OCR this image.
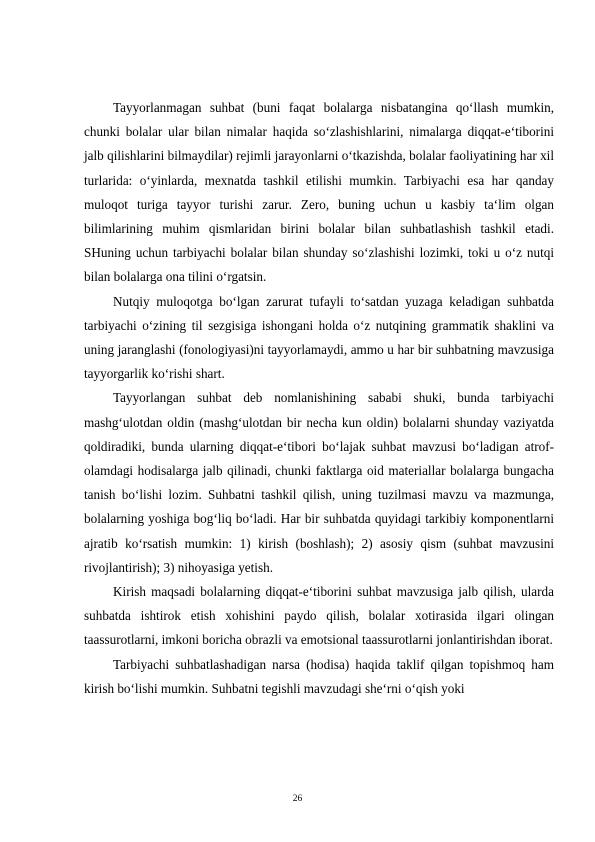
Tayyorlanmagan suhbat (buni faqat bolalarga nisbatangina qo‘llash mumkin, chunki bolalar ular bilan nimalar haqida so‘zlashishlarini, nimalarga diqqat-e‘tiborini jalb qilishlarini bilmaydilar) rejimli jarayonlarni o‘tkazishda, bolalar faoliyatining har xil turlarida: o‘yinlarda, mexnatda tashkil etilishi mumkin. Tarbiyachi esa har qanday muloqot turiga tayyor turishi zarur. Zero, buning uchun u kasbiy ta‘lim olgan bilimlarining muhim qismlaridan birini bolalar bilan suhbatlashish tashkil etadi. SHuning uchun tarbiyachi bolalar bilan shunday so‘zlashishi lozimki, toki u o‘z nutqi bilan bolalarga ona tilini o‘rgatsin.

Nutqiy muloqotga bo‘lgan zarurat tufayli to‘satdan yuzaga keladigan suhbatda tarbiyachi o‘zining til sezgisiga ishongani holda o‘z nutqining grammatik shaklini va uning jaranglashi (fonologiyasi)ni tayyorlamaydi, ammo u har bir suhbatning mavzusiga tayyorgarlik ko‘rishi shart.

Tayyorlangan suhbat deb nomlanishining sababi shuki, bunda tarbiyachi mashg‘ulotdan oldin (mashg‘ulotdan bir necha kun oldin) bolalarni shunday vaziyatda qoldiradiki, bunda ularning diqqat-e‘tibori bo‘lajak suhbat mavzusi bo‘ladigan atrof-olamdagi hodisalarga jalb qilinadi, chunki faktlarga oid materiallar bolalarga bungacha tanish bo‘lishi lozim. Suhbatni tashkil qilish, uning tuzilmasi mavzu va mazmunga, bolalarning yoshiga bog‘liq bo‘ladi. Har bir suhbatda quyidagi tarkibiy komponentlarni ajratib ko‘rsatish mumkin: 1) kirish (boshlash); 2) asosiy qism (suhbat mavzusini rivojlantirish); 3) nihoyasiga yetish.

Kirish maqsadi bolalarning diqqat-e‘tiborini suhbat mavzusiga jalb qilish, ularda suhbatda ishtirok etish xohishini paydo qilish, bolalar xotirasida ilgari olingan taassurotlarni, imkoni boricha obrazli va emotsional taassurotlarni jonlantirishdan iborat.

Tarbiyachi suhbatlashadigan narsa (hodisa) haqida taklif qilgan topishmoq ham kirish bo‘lishi mumkin. Suhbatni tegishli mavzudagi she‘rni o‘qish yoki

26
